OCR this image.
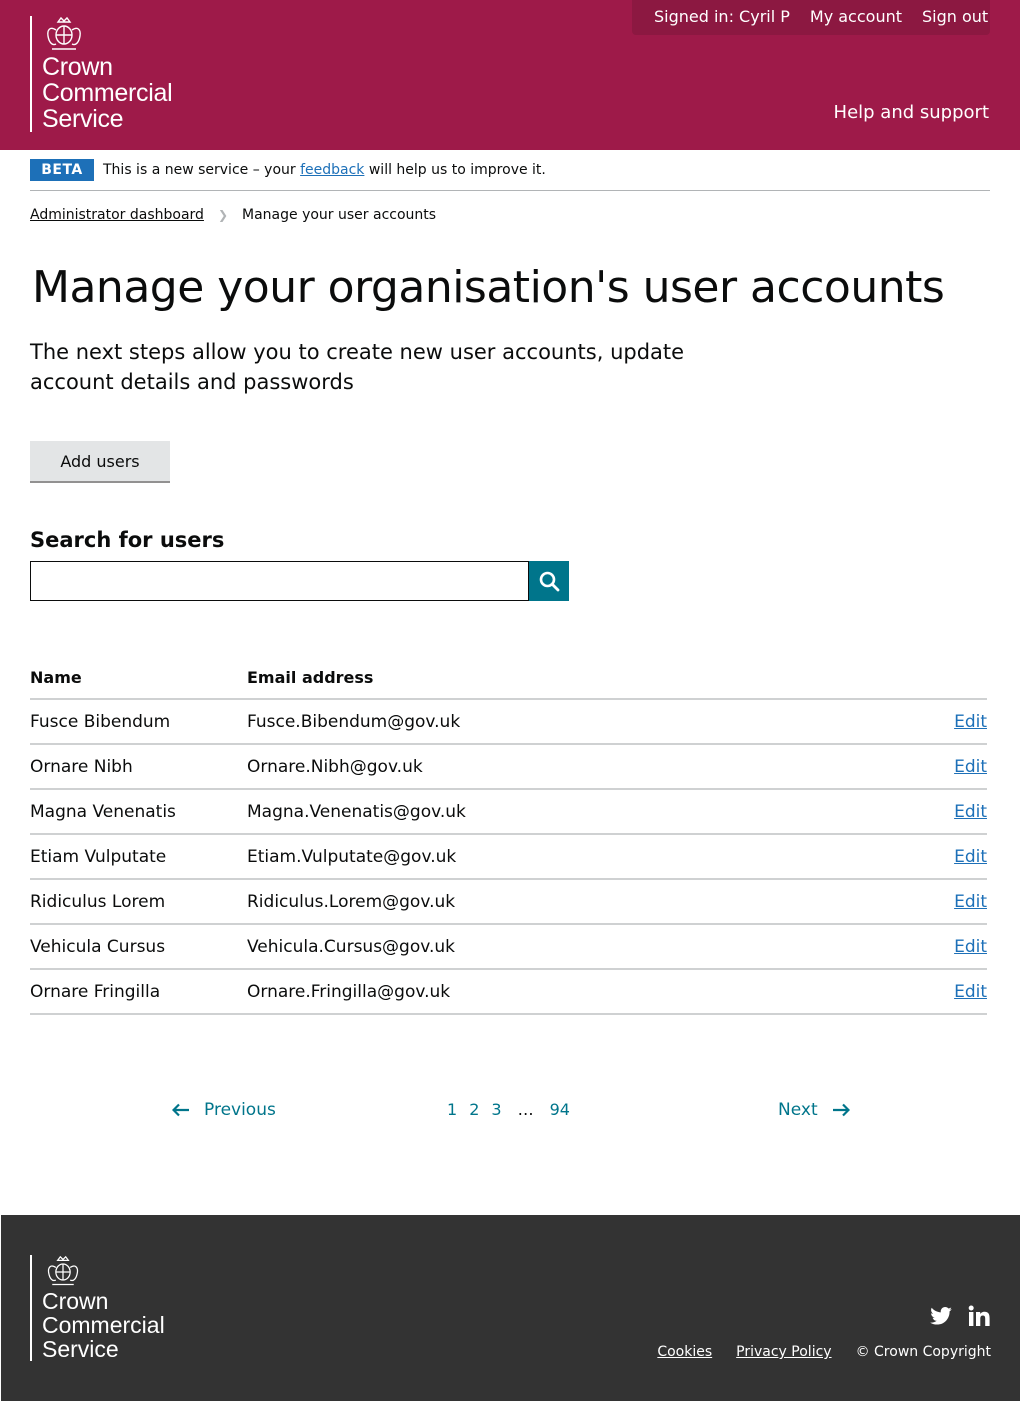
Crown
Commercial
Service
Signed in: Cyril P	My account	Sign out
Help and support
BETA	This is a new service – your feedback will help us to improve it.
Administrator dashboard ❯ Manage your user accounts
Manage your organisation's user accounts

The next steps allow you to create new user accounts, update account details and passwords

Add users
Search for users
Name	Email address	
Fusce Bibendum	Fusce.Bibendum@gov.uk	Edit
Ornare Nibh	Ornare.Nibh@gov.uk	Edit
Magna Venenatis	Magna.Venenatis@gov.uk	Edit
Etiam Vulputate	Etiam.Vulputate@gov.uk	Edit
Ridiculus Lorem	Ridiculus.Lorem@gov.uk	Edit
Vehicula Cursus	Vehicula.Cursus@gov.uk	Edit
Ornare Fringilla	Ornare.Fringilla@gov.uk	Edit
Previous	1 2 3 … 94	Next
Crown
Commercial
Service	Cookies Privacy Policy © Crown Copyright
